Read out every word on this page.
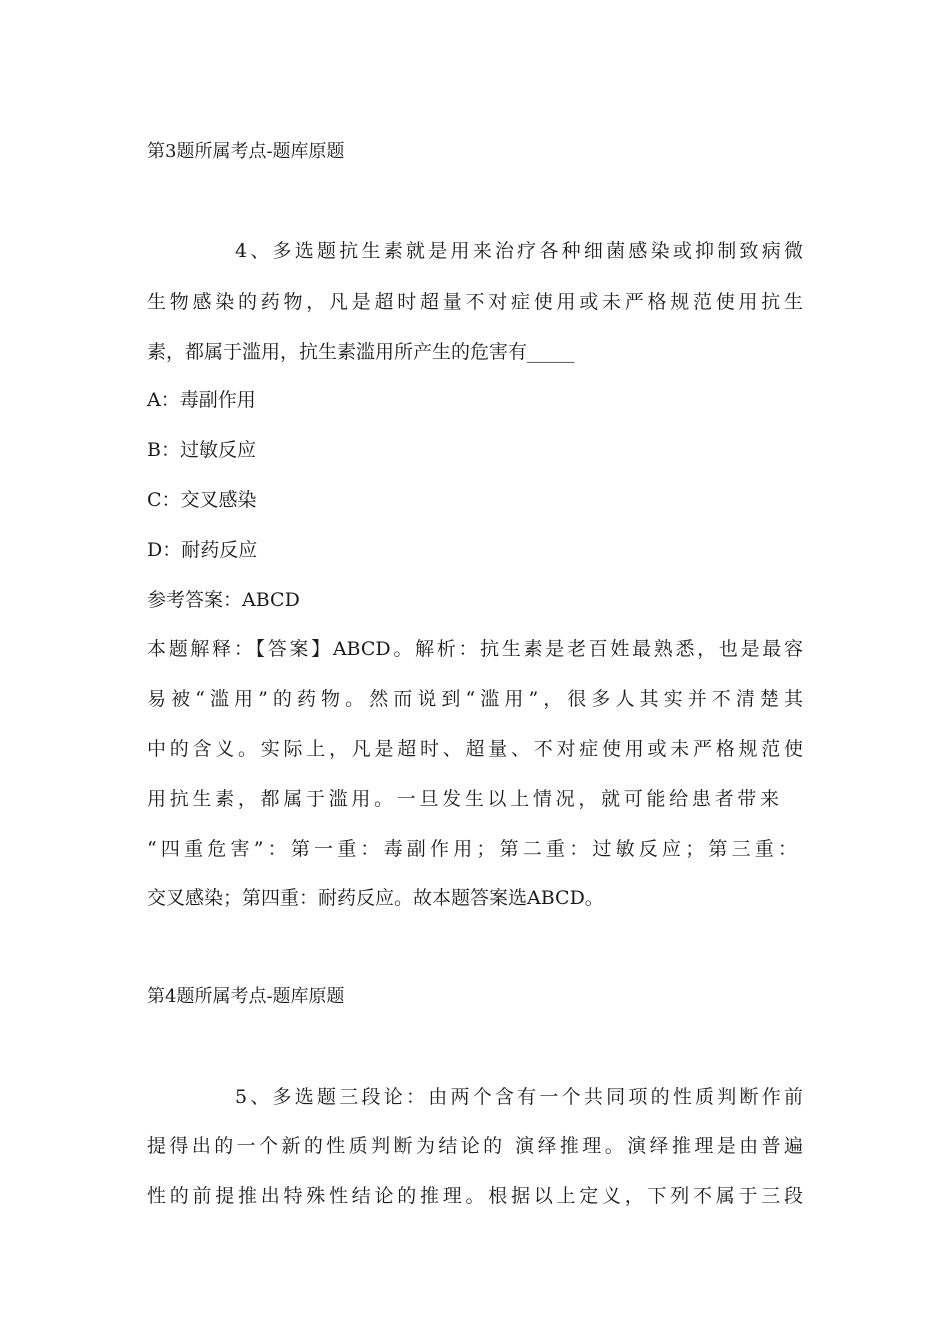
第3题所属考点-题库原题

4、多选题抗生素就是用来治疗各种细菌感染或抑制致病微

生物感染的药物，凡是超时超量不对症使用或未严格规范使用抗生

素，都属于滥用，抗生素滥用所产生的危害有_____

A：毒副作用

B：过敏反应

C：交叉感染

D：耐药反应

参考答案：ABCD

本题解释：【答案】ABCD。解析：抗生素是老百姓最熟悉，也是最容

易被“滥用”的药物。然而说到“滥用”，很多人其实并不清楚其

中的含义。实际上，凡是超时、超量、不对症使用或未严格规范使

用抗生素，都属于滥用。一旦发生以上情况，就可能给患者带来

“四重危害”：第一重：毒副作用；第二重：过敏反应；第三重：

交叉感染；第四重：耐药反应。故本题答案选ABCD。

第4题所属考点-题库原题

5、多选题三段论：由两个含有一个共同项的性质判断作前

提得出的一个新的性质判断为结论的 演绎推理。演绎推理是由普遍

性的前提推出特殊性结论的推理。根据以上定义，下列不属于三段
